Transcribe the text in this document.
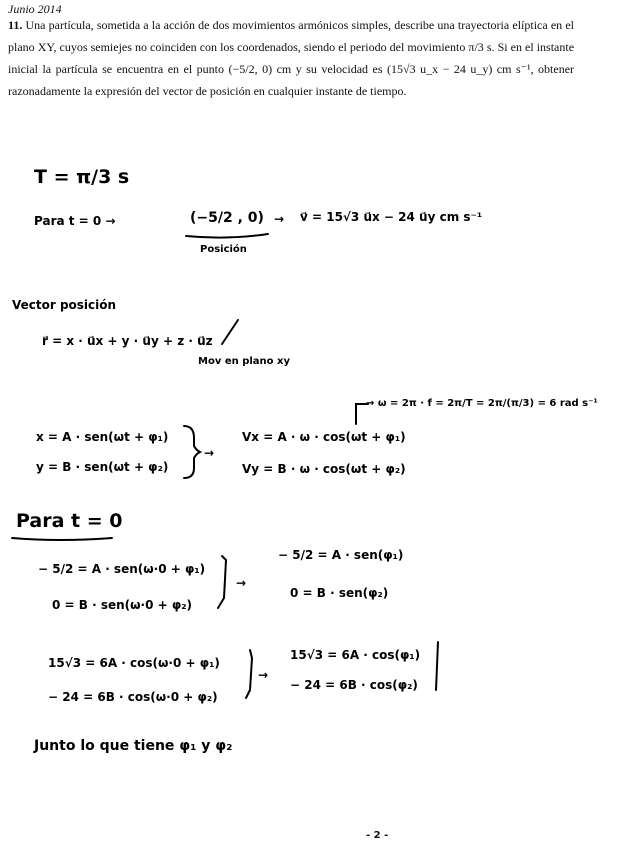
Junio 2014
11. Una partícula, sometida a la acción de dos movimientos armónicos simples, describe una trayectoria elíptica en el plano XY, cuyos semiejes no coinciden con los coordenados, siendo el periodo del movimiento π/3 s. Si en el instante inicial la partícula se encuentra en el punto (−5/2, 0) cm y su velocidad es (15√3 u_x − 24 u_y) cm s⁻¹, obtener razonadamente la expresión del vector de posición en cualquier instante de tiempo.
T = π/3 s
Para t = 0 →	(−5/2 , 0)
Posición
→ v⃗ = 15√3 u⃗x − 24 u⃗y cm s⁻¹
Vector posición
r⃗ = x · u⃗x + y · u⃗y + z · u⃗z
Mov en plano xy
→ ω = 2π · f = 2π/T = 2π/(π/3) = 6 rad s⁻¹
x = A · sen(ωt + φ₁)
y = B · sen(ωt + φ₂)
→
Vx = A · ω · cos(ωt + φ₁)
Vy = B · ω · cos(ωt + φ₂)
Para t = 0
− 5/2 = A · sen(ω·0 + φ₁)
0 = B · sen(ω·0 + φ₂)
→
− 5/2 = A · sen(φ₁)
0 = B · sen(φ₂)
15√3 = 6A · cos(ω·0 + φ₁)
− 24 = 6B · cos(ω·0 + φ₂)
→
15√3 = 6A · cos(φ₁)
− 24 = 6B · cos(φ₂)
Junto lo que tiene φ₁ y φ₂
- 2 -
